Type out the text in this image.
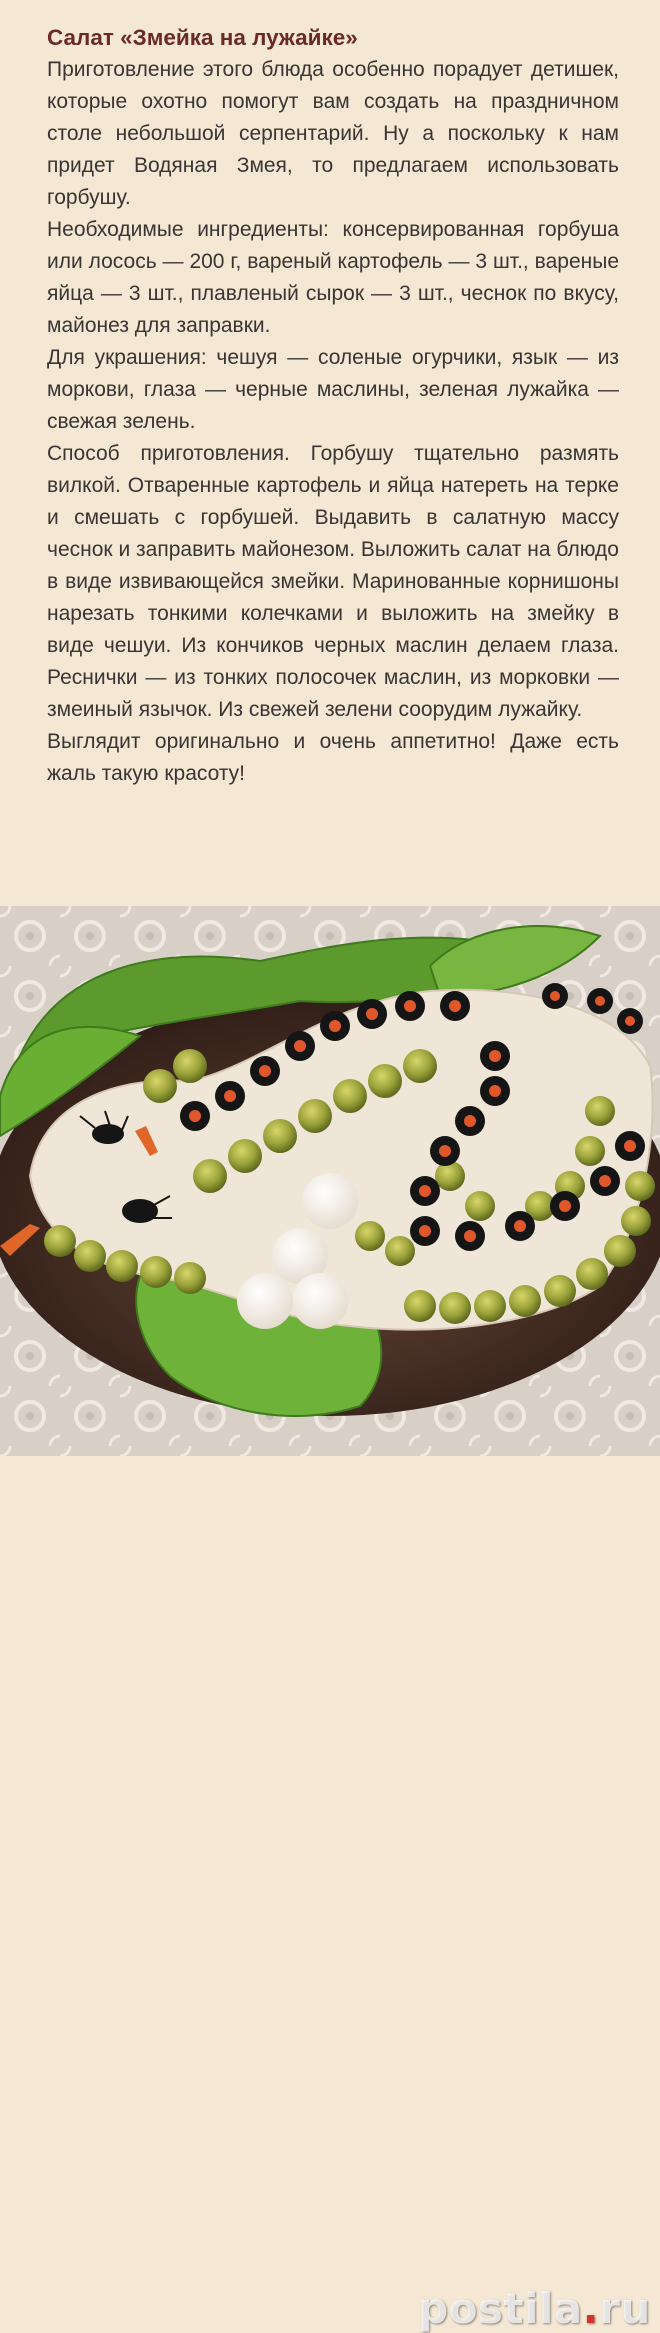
Салат «Змейка на лужайке»

Приготовление этого блюда особенно порадует детишек, которые охотно помогут вам создать на праздничном столе небольшой серпентарий. Ну а поскольку к нам придет Водяная Змея, то предлагаем использовать горбушу.

Необходимые ингредиенты: консервированная горбуша или лосось — 200 г, вареный картофель — 3 шт., вареные яйца — 3 шт., плавленый сырок — 3 шт., чеснок по вкусу, майонез для заправки.

Для украшения: чешуя — соленые огурчики, язык — из моркови, глаза — черные маслины, зеленая лужайка — свежая зелень.

Способ приготовления. Горбушу тщательно размять вилкой. Отваренные картофель и яйца натереть на терке и смешать с горбушей. Выдавить в салатную массу чеснок и заправить майонезом. Выложить салат на блюдо в виде извивающейся змейки. Маринованные корнишоны нарезать тонкими колечками и выложить на змейку в виде чешуи. Из кончиков черных маслин делаем глаза. Реснички — из тонких полосочек маслин, из морковки — змеиный язычок. Из свежей зелени соорудим лужайку.

Выглядит оригинально и очень аппетитно! Даже есть жаль такую красоту!

postila.ru
